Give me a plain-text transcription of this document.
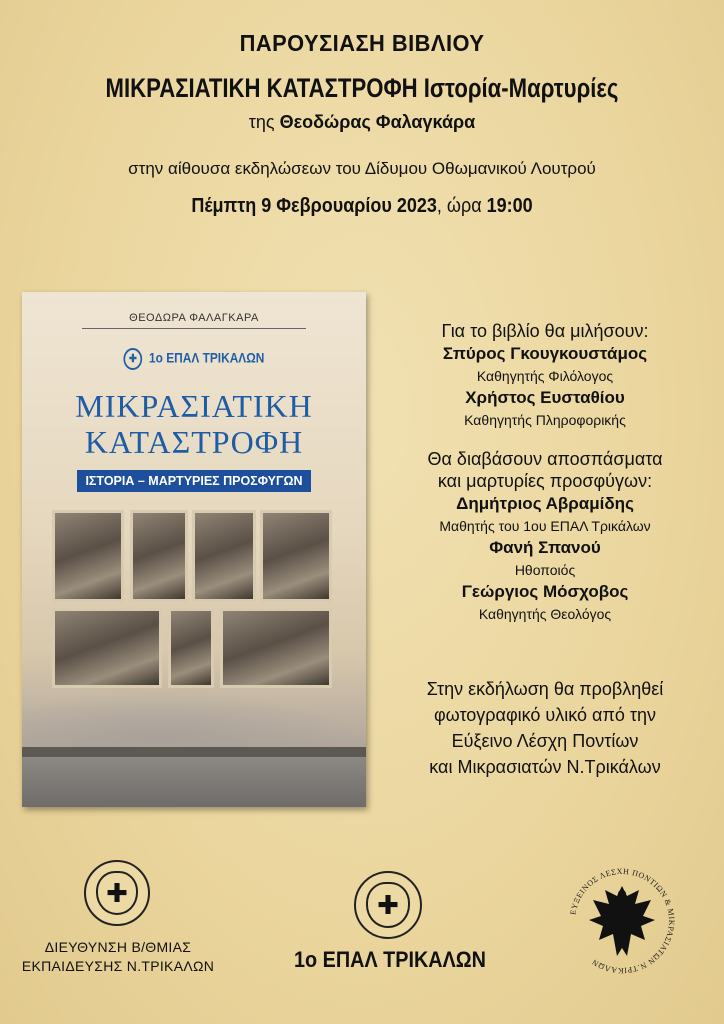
ΠΑΡΟΥΣΙΑΣΗ ΒΙΒΛΙΟΥ
ΜΙΚΡΑΣΙΑΤΙΚΗ ΚΑΤΑΣΤΡΟΦΗ Ιστορία-Μαρτυρίες
της Θεοδώρας Φαλαγκάρα
στην αίθουσα εκδηλώσεων του Δίδυμου Οθωμανικού Λουτρού
Πέμπτη 9 Φεβρουαρίου 2023, ώρα 19:00
ΘΕΟΔΩΡΑ ΦΑΛΑΓΚΑΡΑ
✚ 1ο ΕΠΑΛ ΤΡΙΚΑΛΩΝ
ΜΙΚΡΑΣΙΑΤΙΚΗ
ΚΑΤΑΣΤΡΟΦΗ
ΙΣΤΟΡΙΑ – ΜΑΡΤΥΡΙΕΣ ΠΡΟΣΦΥΓΩΝ
Για το βιβλίο θα μιλήσουν:
Σπύρος Γκουγκουστάμος
Καθηγητής Φιλόλογος
Χρήστος Ευσταθίου
Καθηγητής Πληροφορικής
Θα διαβάσουν αποσπάσματα
και μαρτυρίες προσφύγων:
Δημήτριος Αβραμίδης
Μαθητής του 1ου ΕΠΑΛ Τρικάλων
Φανή Σπανού
Ηθοποιός
Γεώργιος Μόσχοβος
Καθηγητής Θεολόγος
Στην εκδήλωση θα προβληθεί
φωτογραφικό υλικό από την
Εύξεινο Λέσχη Ποντίων
και Μικρασιατών Ν.Τρικάλων
✚
ΔΙΕΥΘΥΝΣΗ Β/ΘΜΙΑΣ
ΕΚΠΑΙΔΕΥΣΗΣ Ν.ΤΡΙΚΑΛΩΝ
✚
1ο ΕΠΑΛ ΤΡΙΚΑΛΩΝ
ΕΥΞΕΙΝΟΣ ΛΕΣΧΗ ΠΟΝΤΙΩΝ & ΜΙΚΡΑΣΙΑΤΩΝ Ν.ΤΡΙΚΑΛΩΝ
